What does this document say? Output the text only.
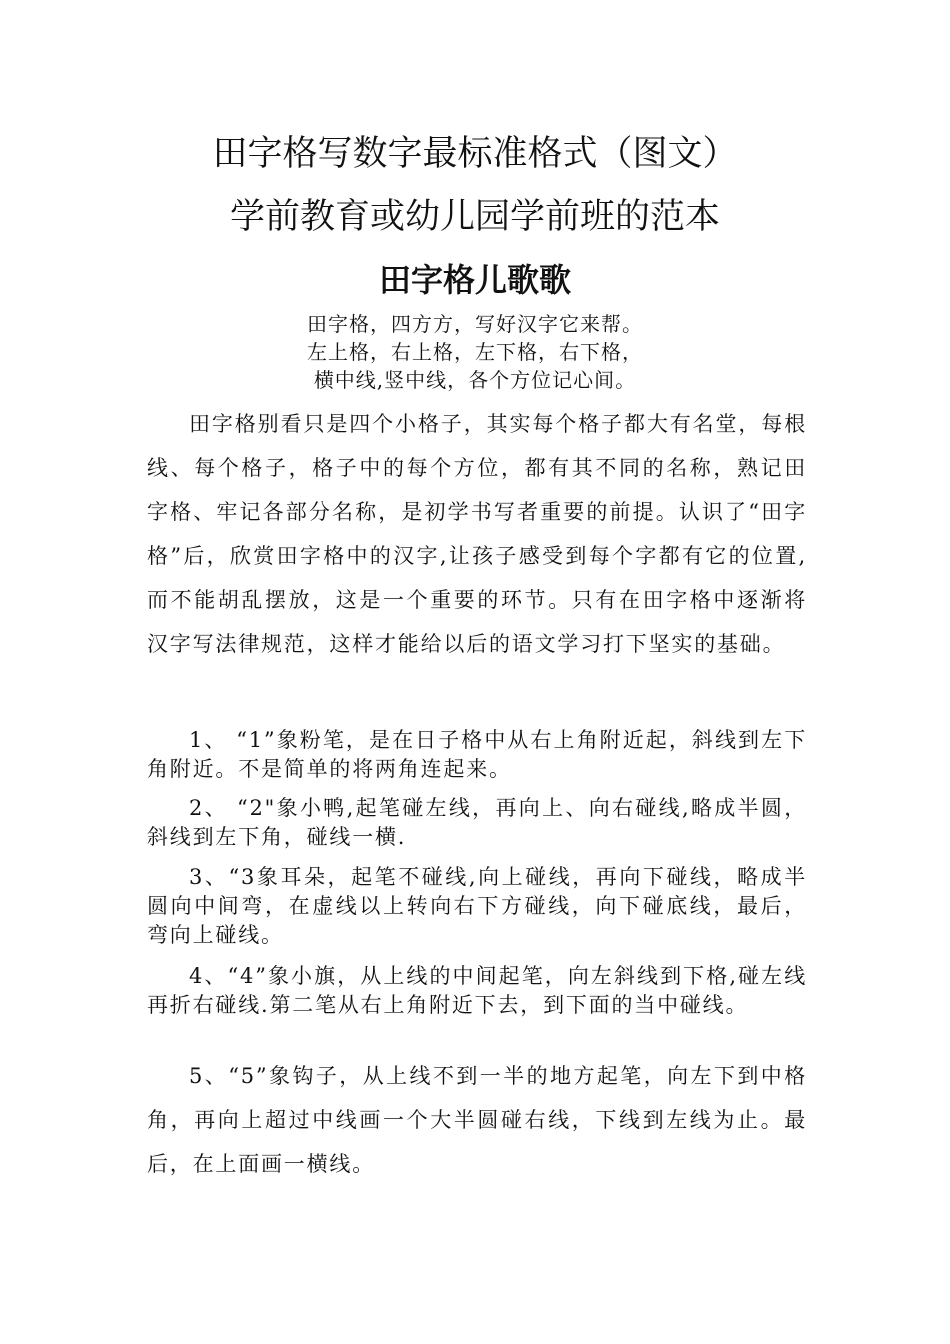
田字格写数字最标准格式（图文）
学前教育或幼儿园学前班的范本
田字格儿歌歌
田字格，四方方，写好汉字它来帮。
左上格，右上格，左下格，右下格，
横中线,竖中线，各个方位记心间。

田字格别看只是四个小格子，其实每个格子都大有名堂，每根线、每个格子，格子中的每个方位，都有其不同的名称，熟记田字格、牢记各部分名称，是初学书写者重要的前提。认识了“田字格”后，欣赏田字格中的汉字,让孩子感受到每个字都有它的位置,而不能胡乱摆放，这是一个重要的环节。只有在田字格中逐渐将汉字写法律规范，这样才能给以后的语文学习打下坚实的基础。

1、 “1”象粉笔，是在日子格中从右上角附近起，斜线到左下角附近。不是简单的将两角连起来。

2、 “2"象小鸭,起笔碰左线，再向上、向右碰线,略成半圆，斜线到左下角，碰线一横.

3、“3象耳朵，起笔不碰线,向上碰线，再向下碰线，略成半圆向中间弯，在虚线以上转向右下方碰线，向下碰底线，最后，弯向上碰线。

4、“4”象小旗，从上线的中间起笔，向左斜线到下格,碰左线再折右碰线.第二笔从右上角附近下去，到下面的当中碰线。

5、“5”象钩子，从上线不到一半的地方起笔，向左下到中格角，再向上超过中线画一个大半圆碰右线，下线到左线为止。最后，在上面画一横线。
